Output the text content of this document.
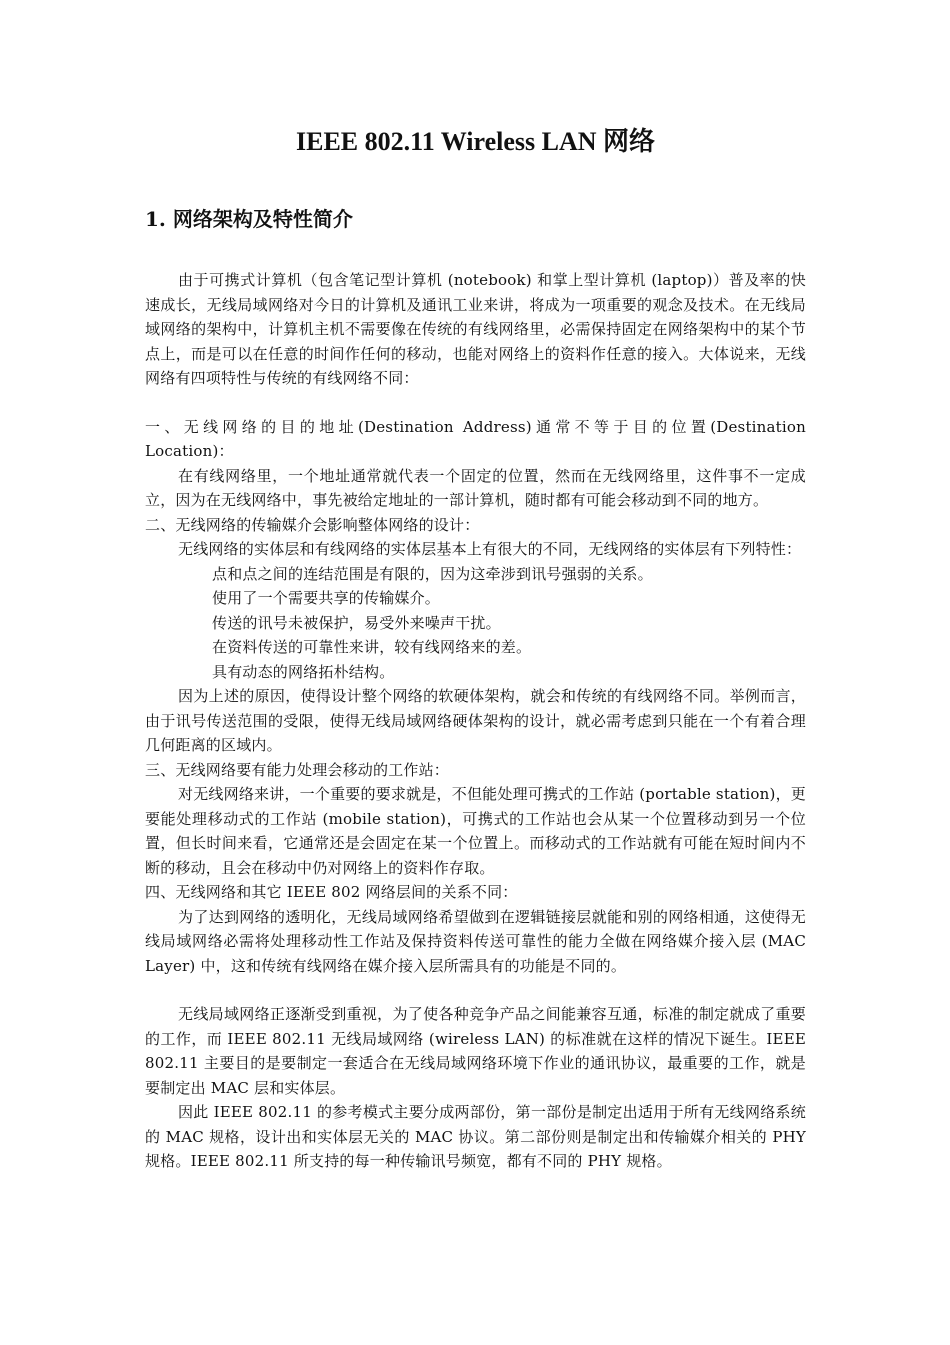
IEEE 802.11 Wireless LAN 网络
1. 网络架构及特性简介

由于可携式计算机（包含笔记型计算机 (notebook) 和掌上型计算机 (laptop)）普及率的快速成长，无线局域网络对今日的计算机及通讯工业来讲，将成为一项重要的观念及技术。在无线局域网络的架构中，计算机主机不需要像在传统的有线网络里，必需保持固定在网络架构中的某个节点上，而是可以在任意的时间作任何的移动，也能对网络上的资料作任意的接入。大体说来，无线网络有四项特性与传统的有线网络不同：

一、无线网络的目的地址(Destination Address)通常不等于目的位置(Destination Location)：

在有线网络里，一个地址通常就代表一个固定的位置，然而在无线网络里，这件事不一定成立，因为在无线网络中，事先被给定地址的一部计算机，随时都有可能会移动到不同的地方。

二、无线网络的传输媒介会影响整体网络的设计：

无线网络的实体层和有线网络的实体层基本上有很大的不同，无线网络的实体层有下列特性：

点和点之间的连结范围是有限的，因为这牵涉到讯号强弱的关系。

使用了一个需要共享的传输媒介。

传送的讯号未被保护，易受外来噪声干扰。

在资料传送的可靠性来讲，较有线网络来的差。

具有动态的网络拓朴结构。

因为上述的原因，使得设计整个网络的软硬体架构，就会和传统的有线网络不同。举例而言，由于讯号传送范围的受限，使得无线局域网络硬体架构的设计，就必需考虑到只能在一个有着合理几何距离的区域内。

三、无线网络要有能力处理会移动的工作站：

对无线网络来讲，一个重要的要求就是，不但能处理可携式的工作站 (portable station)，更要能处理移动式的工作站 (mobile station)，可携式的工作站也会从某一个位置移动到另一个位置，但长时间来看，它通常还是会固定在某一个位置上。而移动式的工作站就有可能在短时间内不断的移动，且会在移动中仍对网络上的资料作存取。

四、无线网络和其它 IEEE 802 网络层间的关系不同：

为了达到网络的透明化，无线局域网络希望做到在逻辑链接层就能和别的网络相通，这使得无线局域网络必需将处理移动性工作站及保持资料传送可靠性的能力全做在网络媒介接入层 (MAC Layer) 中，这和传统有线网络在媒介接入层所需具有的功能是不同的。

无线局域网络正逐渐受到重视，为了使各种竞争产品之间能兼容互通，标准的制定就成了重要的工作，而 IEEE 802.11 无线局域网络 (wireless LAN) 的标准就在这样的情况下诞生。IEEE 802.11 主要目的是要制定一套适合在无线局域网络环境下作业的通讯协议，最重要的工作，就是要制定出 MAC 层和实体层。

因此 IEEE 802.11 的参考模式主要分成两部份，第一部份是制定出适用于所有无线网络系统的 MAC 规格，设计出和实体层无关的 MAC 协议。第二部份则是制定出和传输媒介相关的 PHY 规格。IEEE 802.11 所支持的每一种传输讯号频宽，都有不同的 PHY 规格。
